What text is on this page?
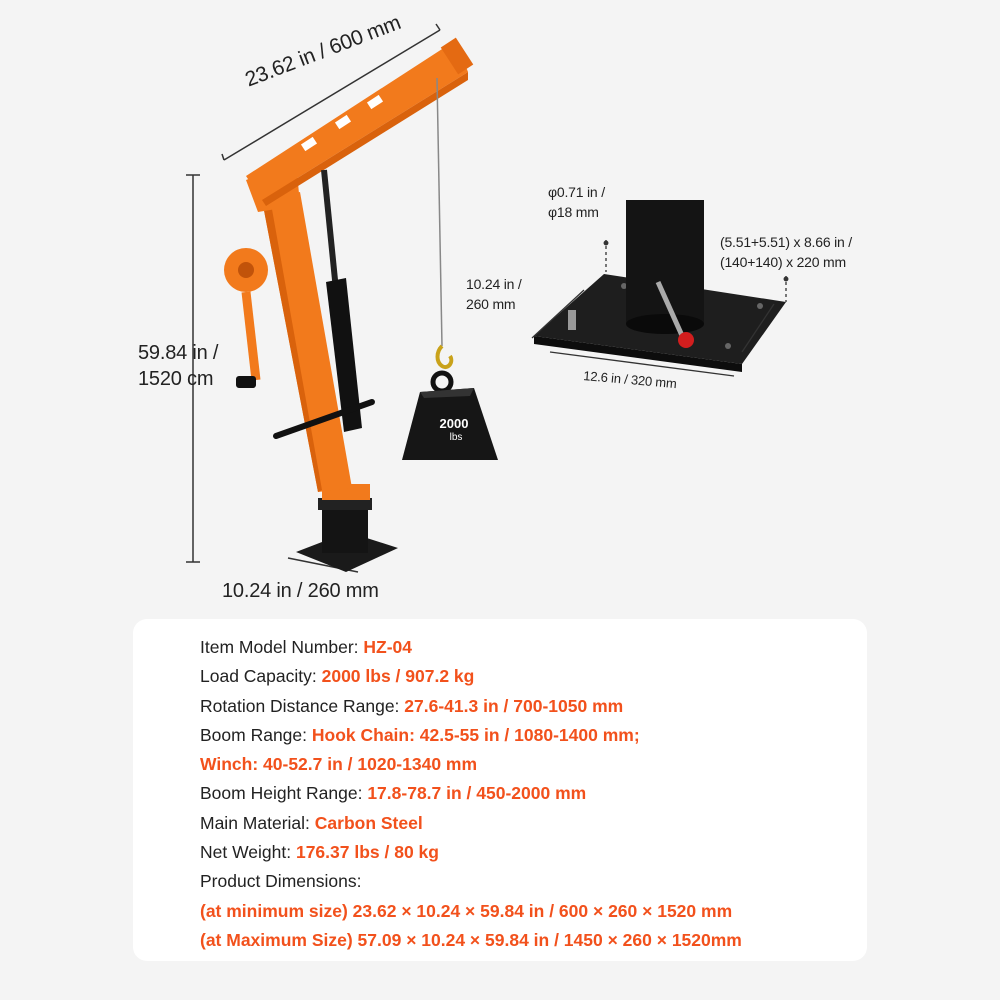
2000
lbs
23.62 in / 600 mm
59.84 in /
1520 cm
10.24 in / 260 mm
φ0.71 in /
φ18 mm
(5.51+5.51) x 8.66 in /
(140+140) x 220 mm
10.24 in /
260 mm
12.6 in / 320 mm
Item Model Number: HZ-04
Load Capacity: 2000 lbs / 907.2 kg
Rotation Distance Range: 27.6-41.3 in / 700-1050 mm
Boom Range: Hook Chain: 42.5-55 in / 1080-1400 mm;
Winch: 40-52.7 in / 1020-1340 mm
Boom Height Range: 17.8-78.7 in / 450-2000 mm
Main Material: Carbon Steel
Net Weight: 176.37 lbs / 80 kg
Product Dimensions:
(at minimum size) 23.62 × 10.24 × 59.84 in / 600 × 260 × 1520 mm
(at Maximum Size) 57.09 × 10.24 × 59.84 in / 1450 × 260 × 1520mm
